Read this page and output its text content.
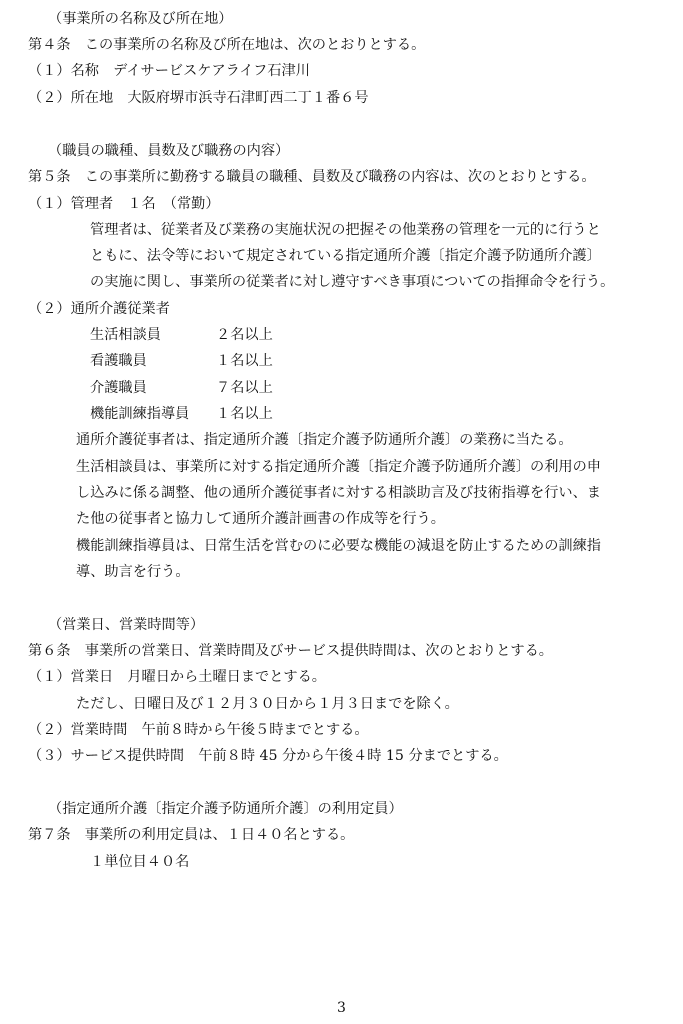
（事業所の名称及び所在地）
第４条　この事業所の名称及び所在地は、次のとおりとする。
（１）名称　デイサービスケアライフ石津川
（２）所在地　大阪府堺市浜寺石津町西二丁１番６号
（職員の職種、員数及び職務の内容）
第５条　この事業所に勤務する職員の職種、員数及び職務の内容は、次のとおりとする。
（１）管理者　１名　（常勤）
管理者は、従業者及び業務の実施状況の把握その他業務の管理を一元的に行うと
ともに、法令等において規定されている指定通所介護〔指定介護予防通所介護〕
の実施に関し、事業所の従業者に対し遵守すべき事項についての指揮命令を行う。
（２）通所介護従業者
生活相談員	２名以上
看護職員	１名以上
介護職員	７名以上
機能訓練指導員 １名以上
通所介護従事者は、指定通所介護〔指定介護予防通所介護〕の業務に当たる。
生活相談員は、事業所に対する指定通所介護〔指定介護予防通所介護〕の利用の申
し込みに係る調整、他の通所介護従事者に対する相談助言及び技術指導を行い、ま
た他の従事者と協力して通所介護計画書の作成等を行う。
機能訓練指導員は、日常生活を営むのに必要な機能の減退を防止するための訓練指
導、助言を行う。
（営業日、営業時間等）
第６条　事業所の営業日、営業時間及びサービス提供時間は、次のとおりとする。
（１）営業日　月曜日から土曜日までとする。
ただし、日曜日及び１２月３０日から１月３日までを除く。
（２）営業時間　午前８時から午後５時までとする。
（３）サービス提供時間　午前８時 45 分から午後４時 15 分までとする。
（指定通所介護〔指定介護予防通所介護〕の利用定員）
第７条　事業所の利用定員は、１日４０名とする。
１単位目４０名
3
